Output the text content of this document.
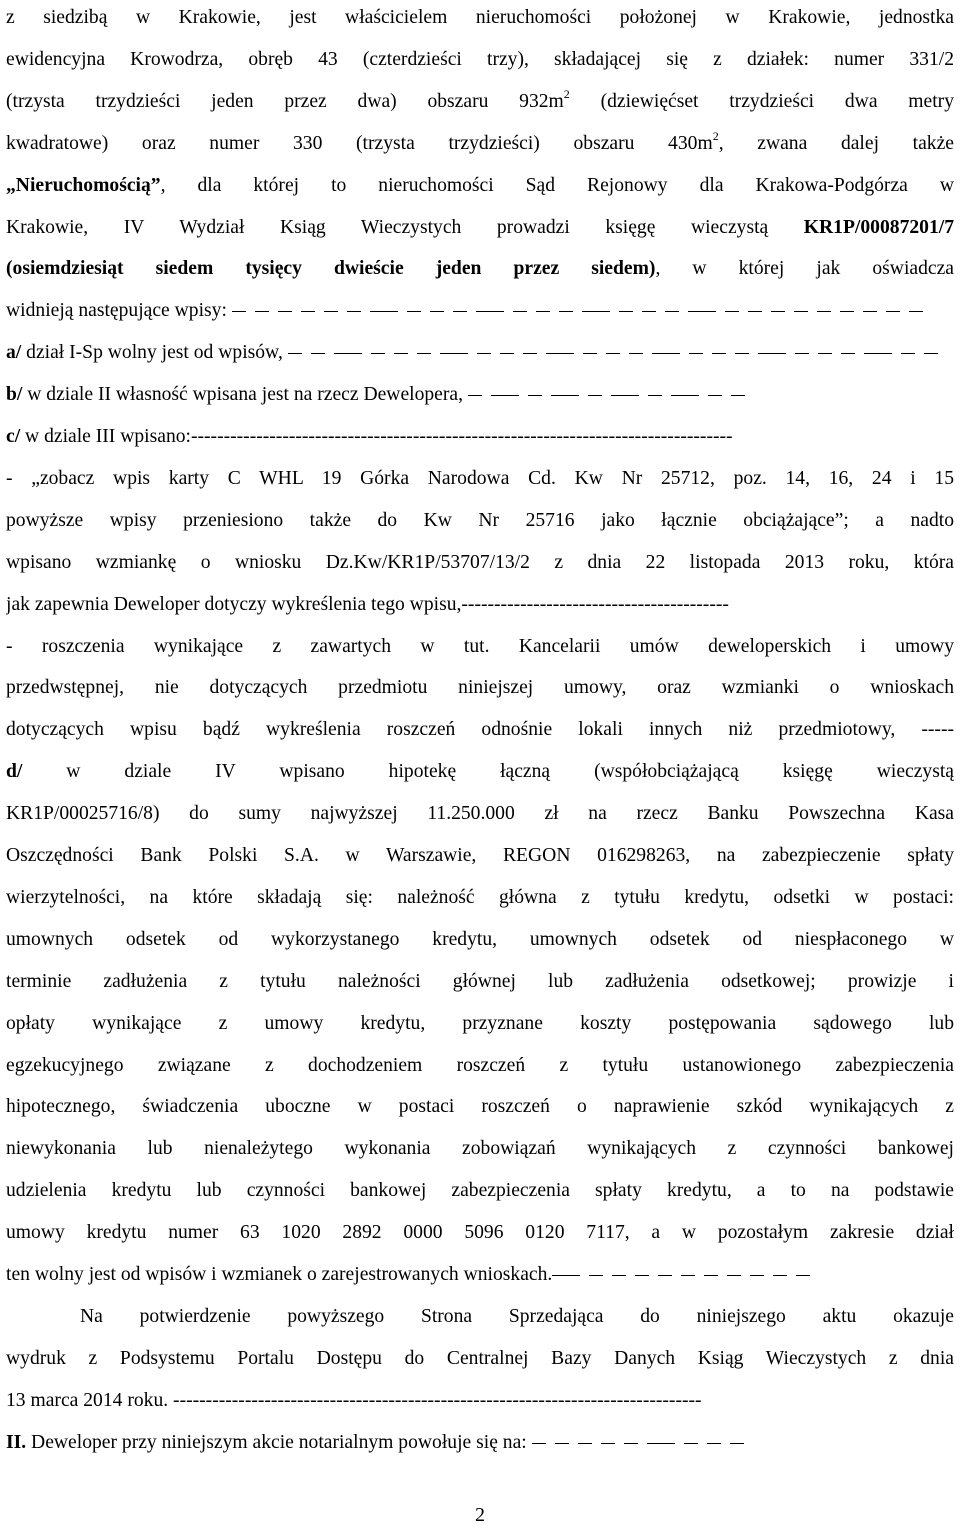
z siedzibą w Krakowie, jest właścicielem nieruchomości położonej w Krakowie, jednostka
ewidencyjna Krowodrza, obręb 43 (czterdzieści trzy), składającej się z działek: numer 331/2
(trzysta trzydzieści jeden przez dwa) obszaru $932m^2$ (dziewięćset trzydzieści dwa metry
kwadratowe) oraz numer 330 (trzysta trzydzieści) obszaru $430m^2$, zwana dalej także
„Nieruchomością”, dla której to nieruchomości Sąd Rejonowy dla Krakowa-Podgórza w
Krakowie, IV Wydział Ksiąg Wieczystych prowadzi księgę wieczystą KR1P/00087201/7
(osiemdziesiąt siedem tysięcy dwieście jeden przez siedem), w której jak oświadcza
widnieją następujące wpisy:
a/ dział I-Sp wolny jest od wpisów,
b/ w dziale II własność wpisana jest na rzecz Dewelopera,
c/ w dziale III wpisano:-----------------------------------------------------------------------------------
- „zobacz wpis karty C WHL 19 Górka Narodowa Cd. Kw Nr 25712, poz. 14, 16, 24 i 15
powyższe wpisy przeniesiono także do Kw Nr 25716 jako łącznie obciążające”; a nadto
wpisano wzmiankę o wniosku Dz.Kw/KR1P/53707/13/2 z dnia 22 listopada 2013 roku, która
jak zapewnia Deweloper dotyczy wykreślenia tego wpisu,-----------------------------------------
- roszczenia wynikające z zawartych w tut. Kancelarii umów deweloperskich i umowy
przedwstępnej, nie dotyczących przedmiotu niniejszej umowy, oraz wzmianki o wnioskach
dotyczących wpisu bądź wykreślenia roszczeń odnośnie lokali innych niż przedmiotowy, -----
d/ w dziale IV wpisano hipotekę łączną (współobciążającą księgę wieczystą
KR1P/00025716/8) do sumy najwyższej 11.250.000 zł na rzecz Banku Powszechna Kasa
Oszczędności Bank Polski S.A. w Warszawie, REGON 016298263, na zabezpieczenie spłaty
wierzytelności, na które składają się: należność główna z tytułu kredytu, odsetki w postaci:
umownych odsetek od wykorzystanego kredytu, umownych odsetek od niespłaconego w
terminie zadłużenia z tytułu należności głównej lub zadłużenia odsetkowej; prowizje i
opłaty wynikające z umowy kredytu, przyznane koszty postępowania sądowego lub
egzekucyjnego związane z dochodzeniem roszczeń z tytułu ustanowionego zabezpieczenia
hipotecznego, świadczenia uboczne w postaci roszczeń o naprawienie szkód wynikających z
niewykonania lub nienależytego wykonania zobowiązań wynikających z czynności bankowej
udzielenia kredytu lub czynności bankowej zabezpieczenia spłaty kredytu, a to na podstawie
umowy kredytu numer 63 1020 2892 0000 5096 0120 7117, a w pozostałym zakresie dział
ten wolny jest od wpisów i wzmianek o zarejestrowanych wnioskach.
Na potwierdzenie powyższego Strona Sprzedająca do niniejszego aktu okazuje
wydruk z Podsystemu Portalu Dostępu do Centralnej Bazy Danych Ksiąg Wieczystych z dnia
13 marca 2014 roku. ---------------------------------------------------------------------------------
II. Deweloper przy niniejszym akcie notarialnym powołuje się na:
2
